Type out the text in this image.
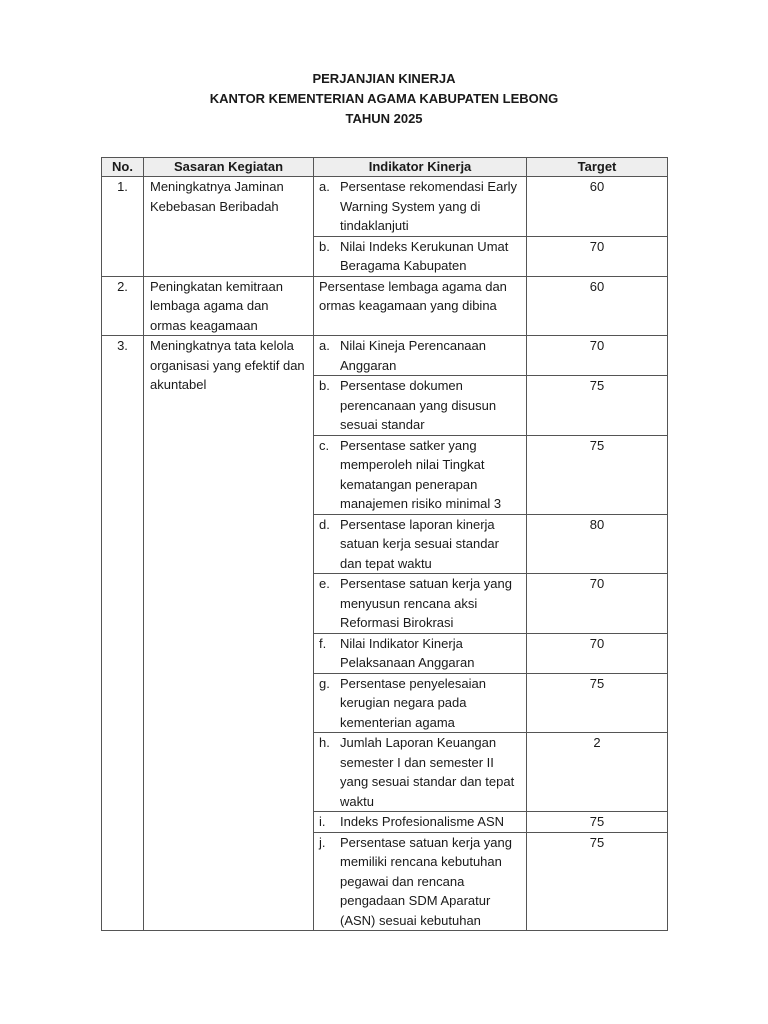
PERJANJIAN KINERJA
KANTOR KEMENTERIAN AGAMA KABUPATEN LEBONG
TAHUN 2025
No.	Sasaran Kegiatan	Indikator Kinerja	Target
1.	Meningkatnya Jaminan Kebebasan Beribadah	a. Persentase rekomendasi Early Warning System yang di tindaklanjuti	60

		b. Nilai Indeks Kerukunan Umat Beragama Kabupaten	70
2.	Peningkatan kemitraan lembaga agama dan ormas keagamaan	Persentase lembaga agama dan ormas keagamaan yang dibina	60
3.	Meningkatnya tata kelola organisasi yang efektif dan akuntabel	a. Nilai Kineja Perencanaan Anggaran	70

		b. Persentase dokumen perencanaan yang disusun sesuai standar	75

		c. Persentase satker yang memperoleh nilai Tingkat kematangan penerapan manajemen risiko minimal 3	75

		d. Persentase laporan kinerja satuan kerja sesuai standar dan tepat waktu	80

		e. Persentase satuan kerja yang menyusun rencana aksi Reformasi Birokrasi	70

		f. Nilai Indikator Kinerja Pelaksanaan Anggaran	70

		g. Persentase penyelesaian kerugian negara pada kementerian agama	75

		h. Jumlah Laporan Keuangan semester I dan semester II yang sesuai standar dan tepat waktu	2

		i. Indeks Profesionalisme ASN	75

		j. Persentase satuan kerja yang memiliki rencana kebutuhan pegawai dan rencana pengadaan SDM Aparatur (ASN) sesuai kebutuhan	75
